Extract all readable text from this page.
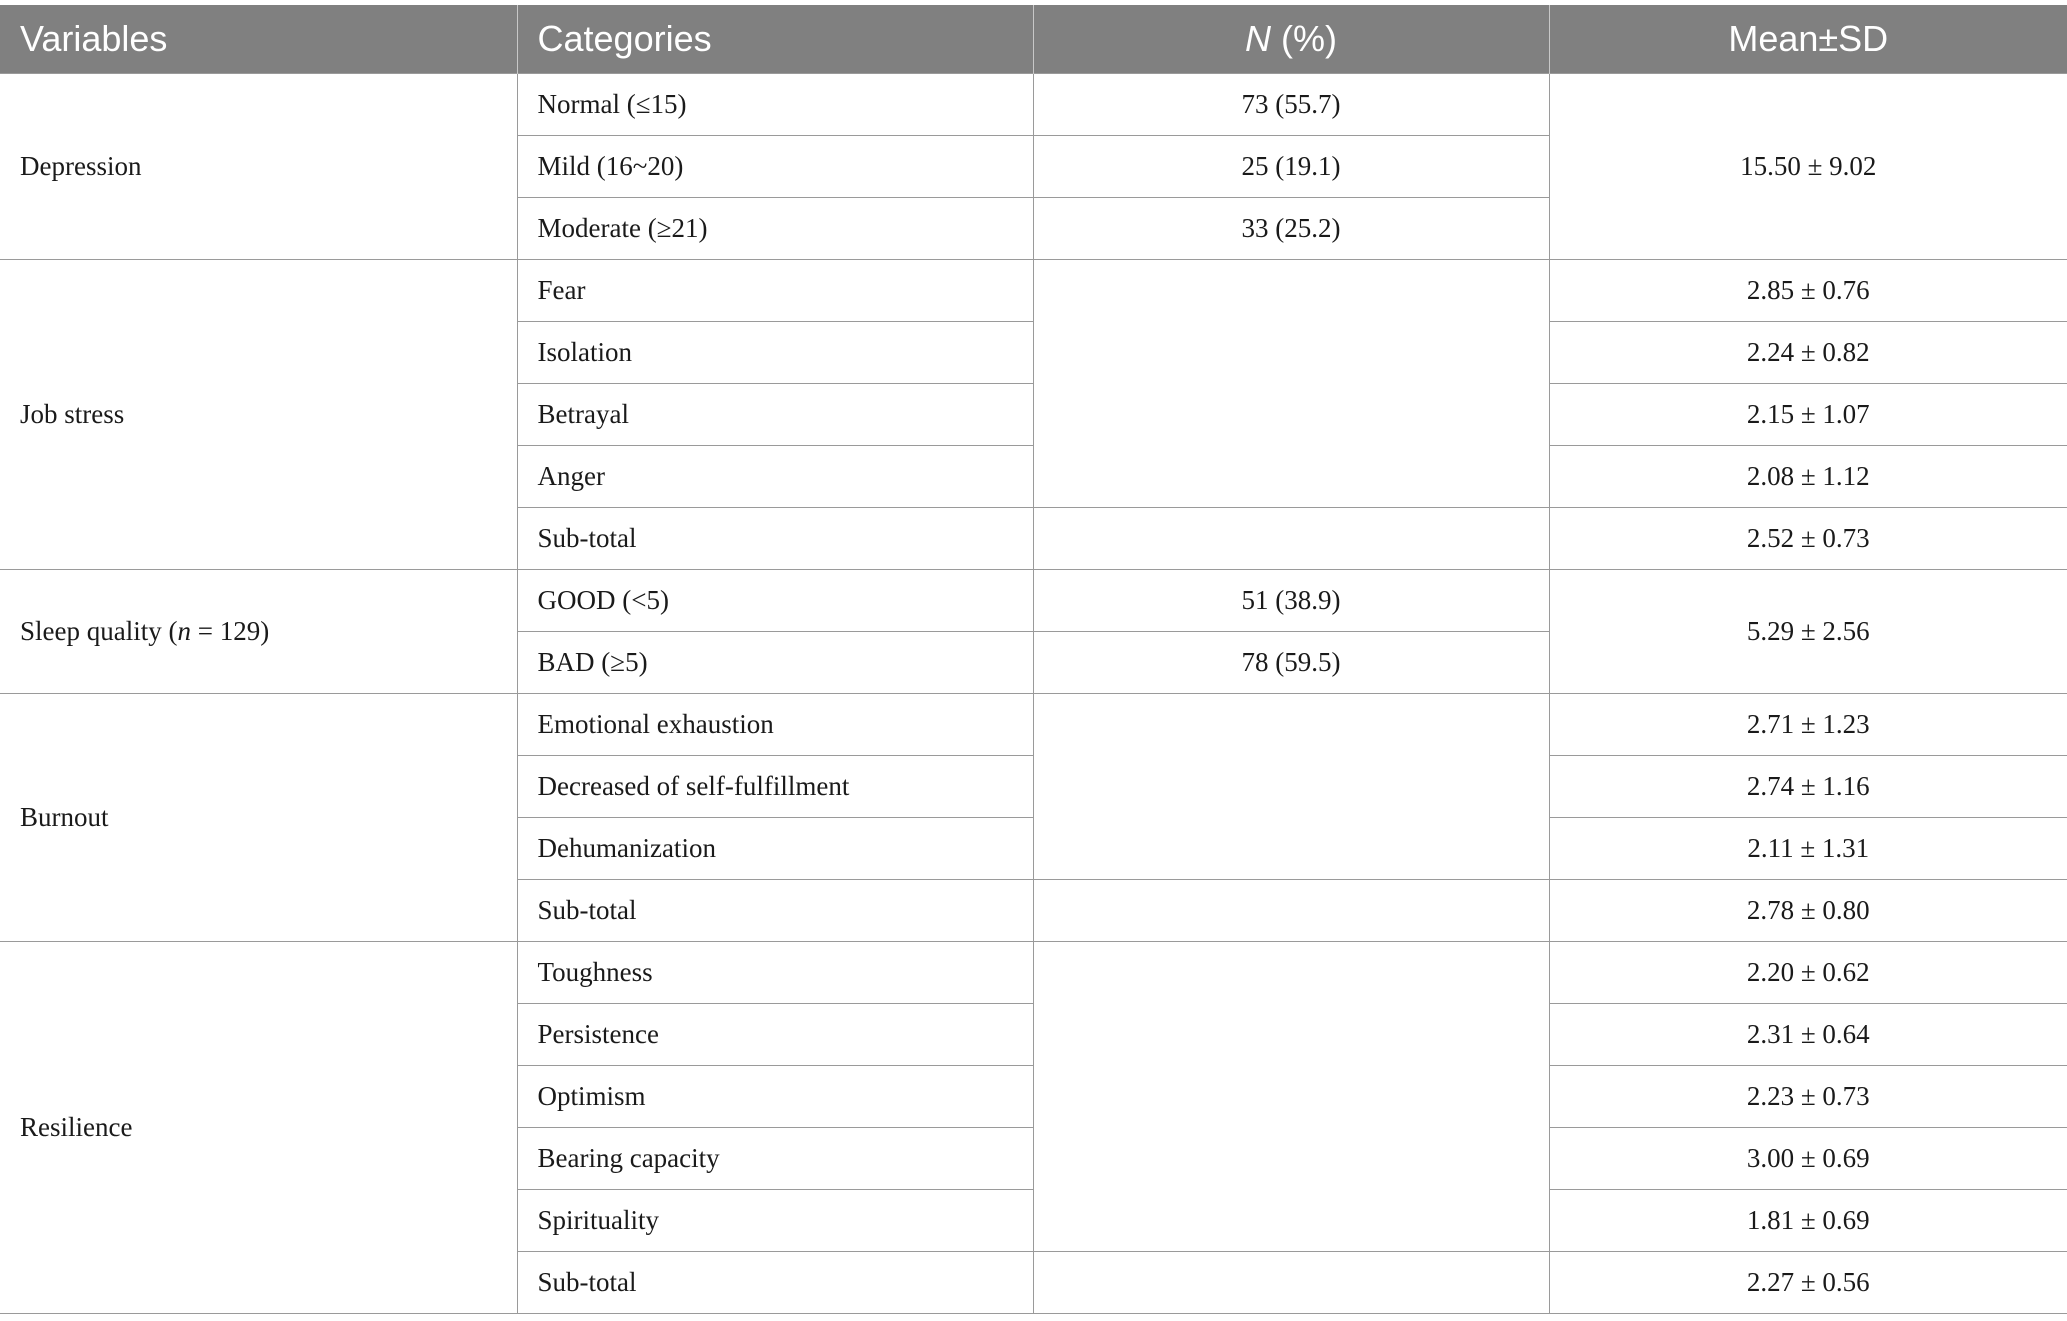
Variables	Categories	N (%)	Mean±SD
Depression	Normal (≤15)	73 (55.7)	15.50 ± 9.02
	Mild (16~20)	25 (19.1)	
	Moderate (≥21)	33 (25.2)	
Job stress	Fear		2.85 ± 0.76
	Isolation		2.24 ± 0.82
	Betrayal		2.15 ± 1.07
	Anger		2.08 ± 1.12
	Sub-total		2.52 ± 0.73
Sleep quality (n = 129)	GOOD (<5)	51 (38.9)	5.29 ± 2.56
	BAD (≥5)	78 (59.5)	
Burnout	Emotional exhaustion		2.71 ± 1.23
	Decreased of self-fulfillment		2.74 ± 1.16
	Dehumanization		2.11 ± 1.31
	Sub-total		2.78 ± 0.80
Resilience	Toughness		2.20 ± 0.62
	Persistence		2.31 ± 0.64
	Optimism		2.23 ± 0.73
	Bearing capacity		3.00 ± 0.69
	Spirituality		1.81 ± 0.69
	Sub-total		2.27 ± 0.56
